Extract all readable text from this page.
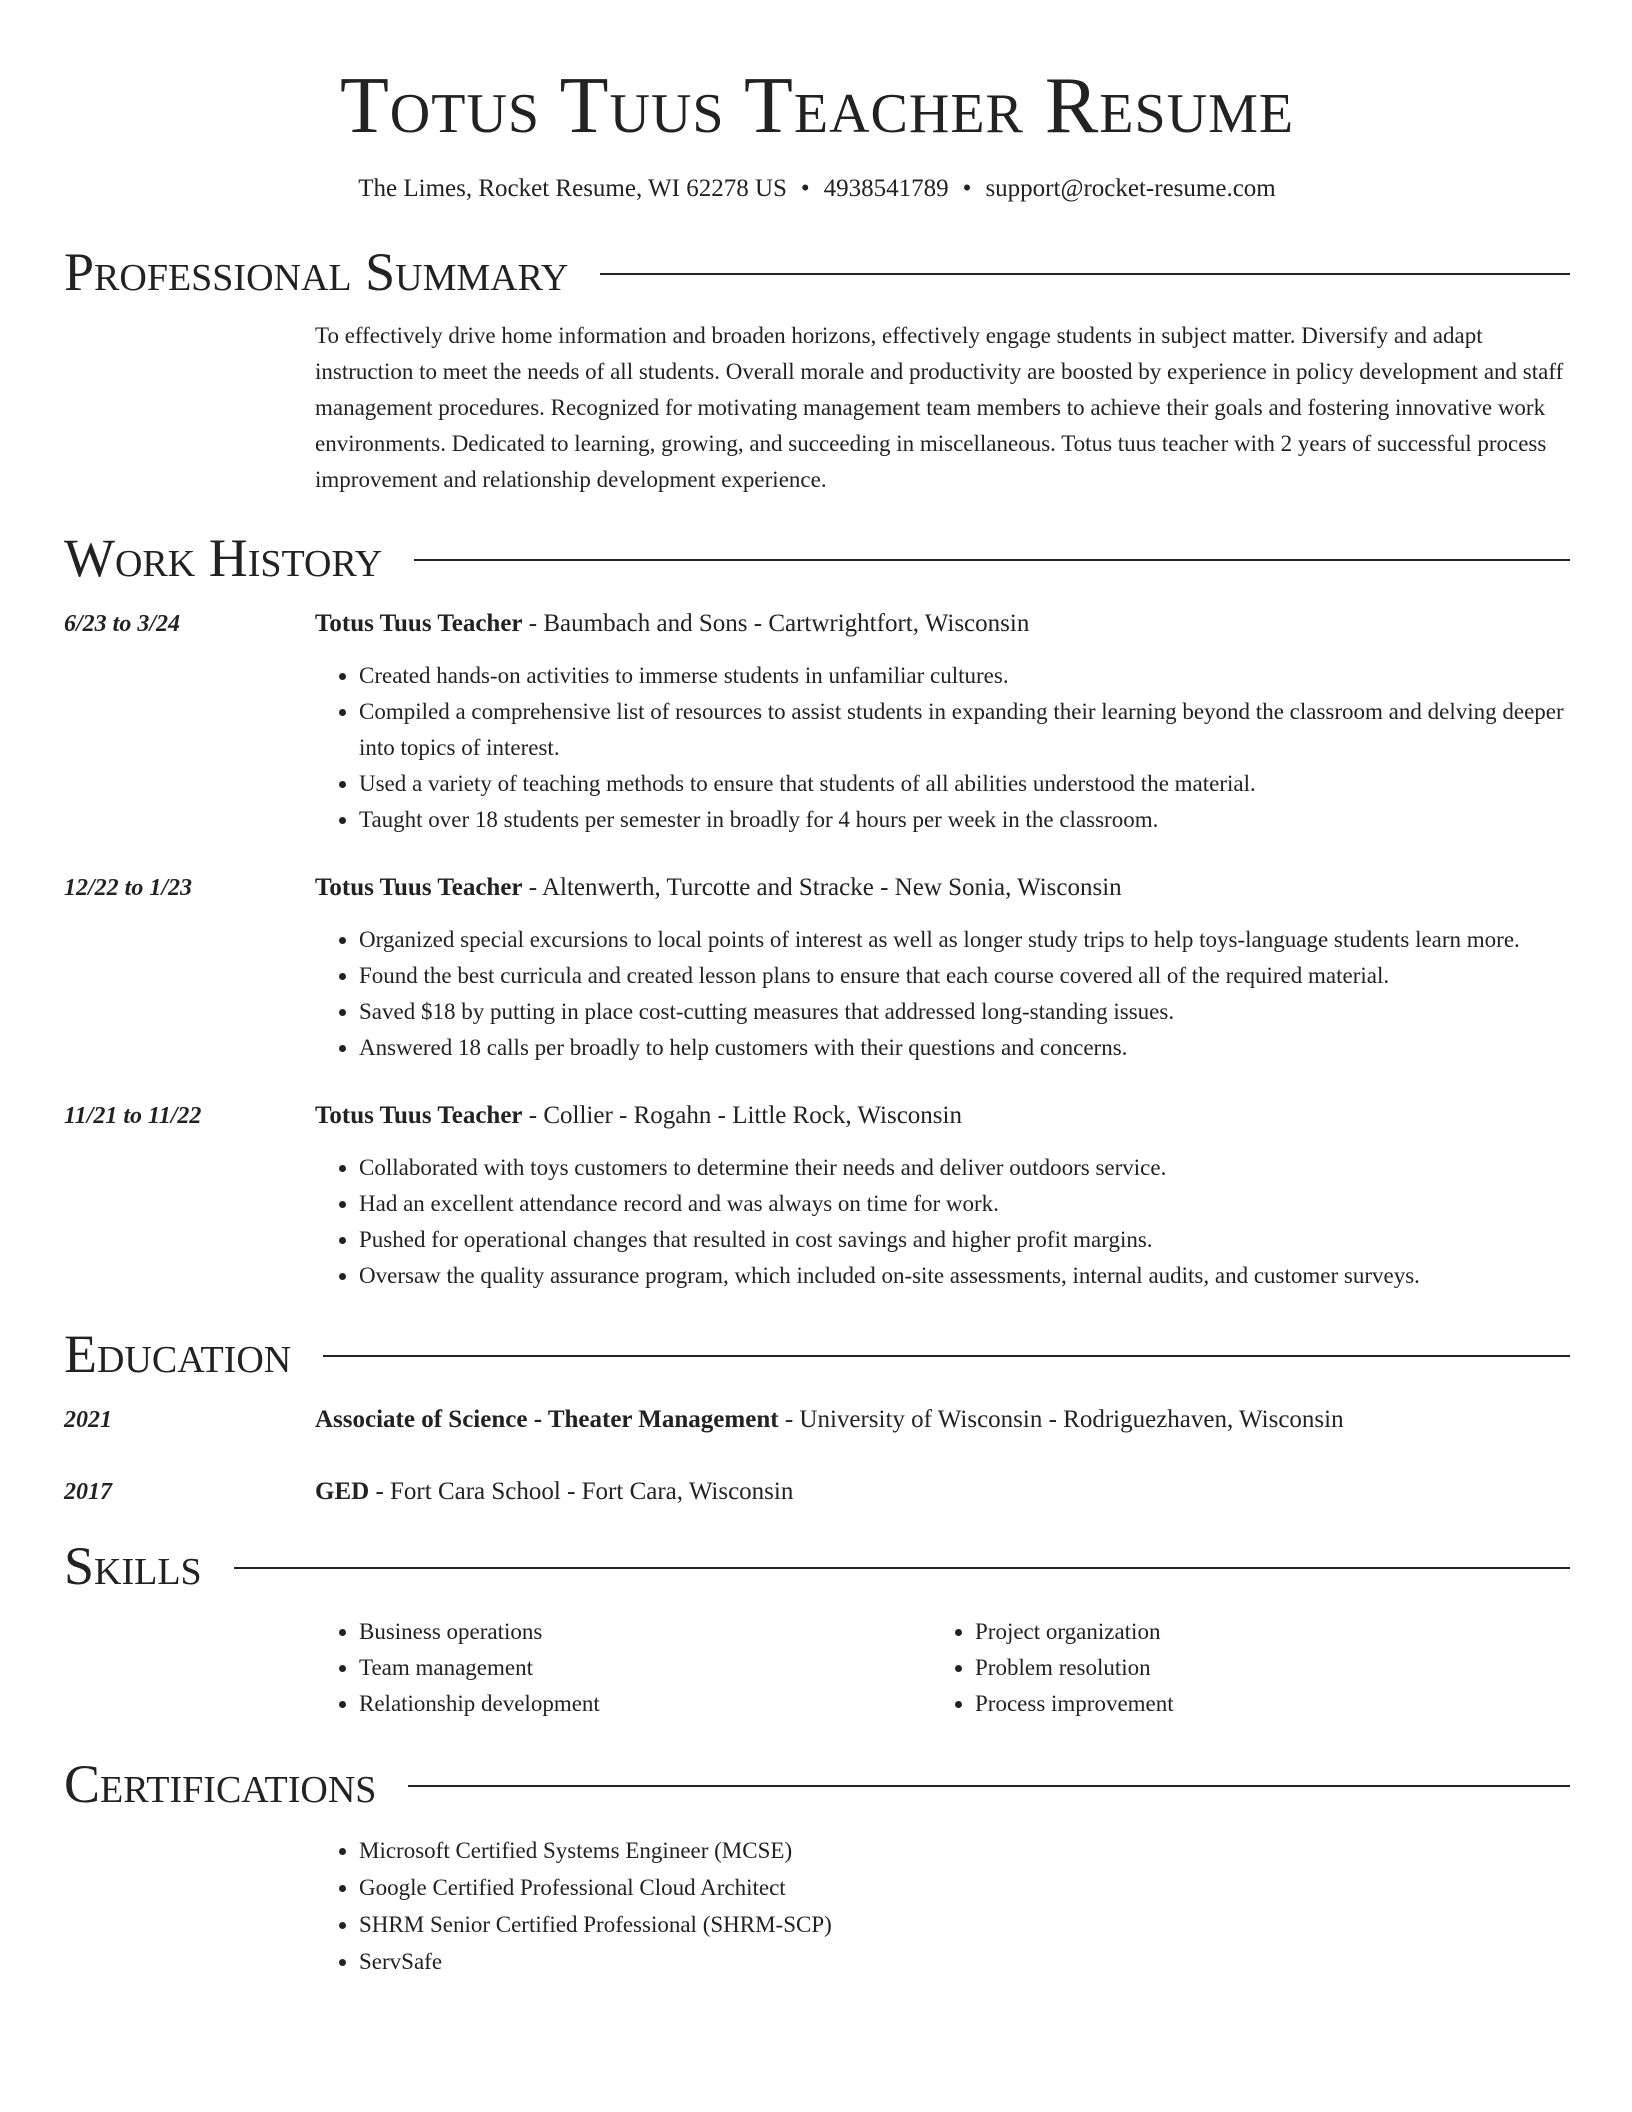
Totus Tuus Teacher Resume
The Limes, Rocket Resume, WI 62278 US • 4938541789 • support@rocket-resume.com
Professional Summary
To effectively drive home information and broaden horizons, effectively engage students in subject matter. Diversify and adapt instruction to meet the needs of all students. Overall morale and productivity are boosted by experience in policy development and staff management procedures. Recognized for motivating management team members to achieve their goals and fostering innovative work environments. Dedicated to learning, growing, and succeeding in miscellaneous. Totus tuus teacher with 2 years of successful process improvement and relationship development experience.
Work History
6/23 to 3/24	Totus Tuus Teacher - Baumbach and Sons - Cartwrightfort, Wisconsin
• Created hands-on activities to immerse students in unfamiliar cultures.
• Compiled a comprehensive list of resources to assist students in expanding their learning beyond the classroom and delving deeper into topics of interest.
• Used a variety of teaching methods to ensure that students of all abilities understood the material.
• Taught over 18 students per semester in broadly for 4 hours per week in the classroom.
12/22 to 1/23	Totus Tuus Teacher - Altenwerth, Turcotte and Stracke - New Sonia, Wisconsin
• Organized special excursions to local points of interest as well as longer study trips to help toys-language students learn more.
• Found the best curricula and created lesson plans to ensure that each course covered all of the required material.
• Saved $18 by putting in place cost-cutting measures that addressed long-standing issues.
• Answered 18 calls per broadly to help customers with their questions and concerns.
11/21 to 11/22	Totus Tuus Teacher - Collier - Rogahn - Little Rock, Wisconsin
• Collaborated with toys customers to determine their needs and deliver outdoors service.
• Had an excellent attendance record and was always on time for work.
• Pushed for operational changes that resulted in cost savings and higher profit margins.
• Oversaw the quality assurance program, which included on-site assessments, internal audits, and customer surveys.
Education
2021	Associate of Science - Theater Management - University of Wisconsin - Rodriguezhaven, Wisconsin
2017	GED - Fort Cara School - Fort Cara, Wisconsin
Skills
• Business operations
• Team management
• Relationship development
• Project organization
• Problem resolution
• Process improvement
Certifications
• Microsoft Certified Systems Engineer (MCSE)
• Google Certified Professional Cloud Architect
• SHRM Senior Certified Professional (SHRM-SCP)
• ServSafe
